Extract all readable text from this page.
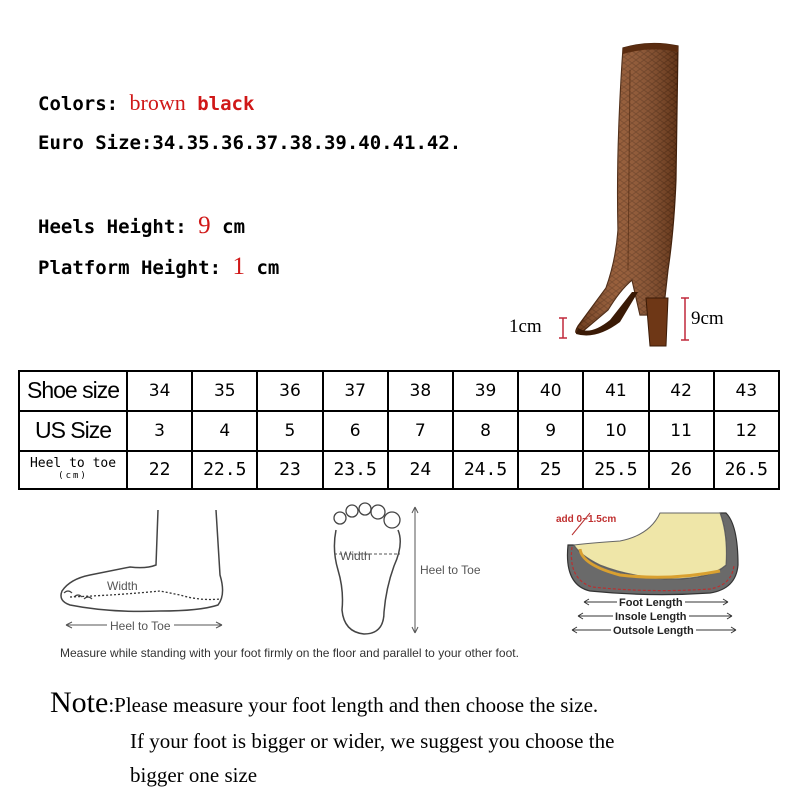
Colors: brown black
Euro Size:34.35.36.37.38.39.40.41.42.
Heels Height: 9 cm
Platform Height: 1 cm
1cm	9cm
Shoe size	34	35	36	37	38	39	40	41	42	43
US Size	3	4	5	6	7	8	9	10	11	12
Heel to toe
(cm)	22	22.5	23	23.5	24	24.5	25	25.5	26	26.5
Width
Heel to Toe
Width
Heel to Toe
add 0~1.5cm
Foot Length
Insole Length
Outsole Length
Measure while standing with your foot firmly on the floor and parallel to your other foot.
Note:Please measure your foot length and then choose the size.
If your foot is bigger or wider, we suggest you choose the
bigger one size
